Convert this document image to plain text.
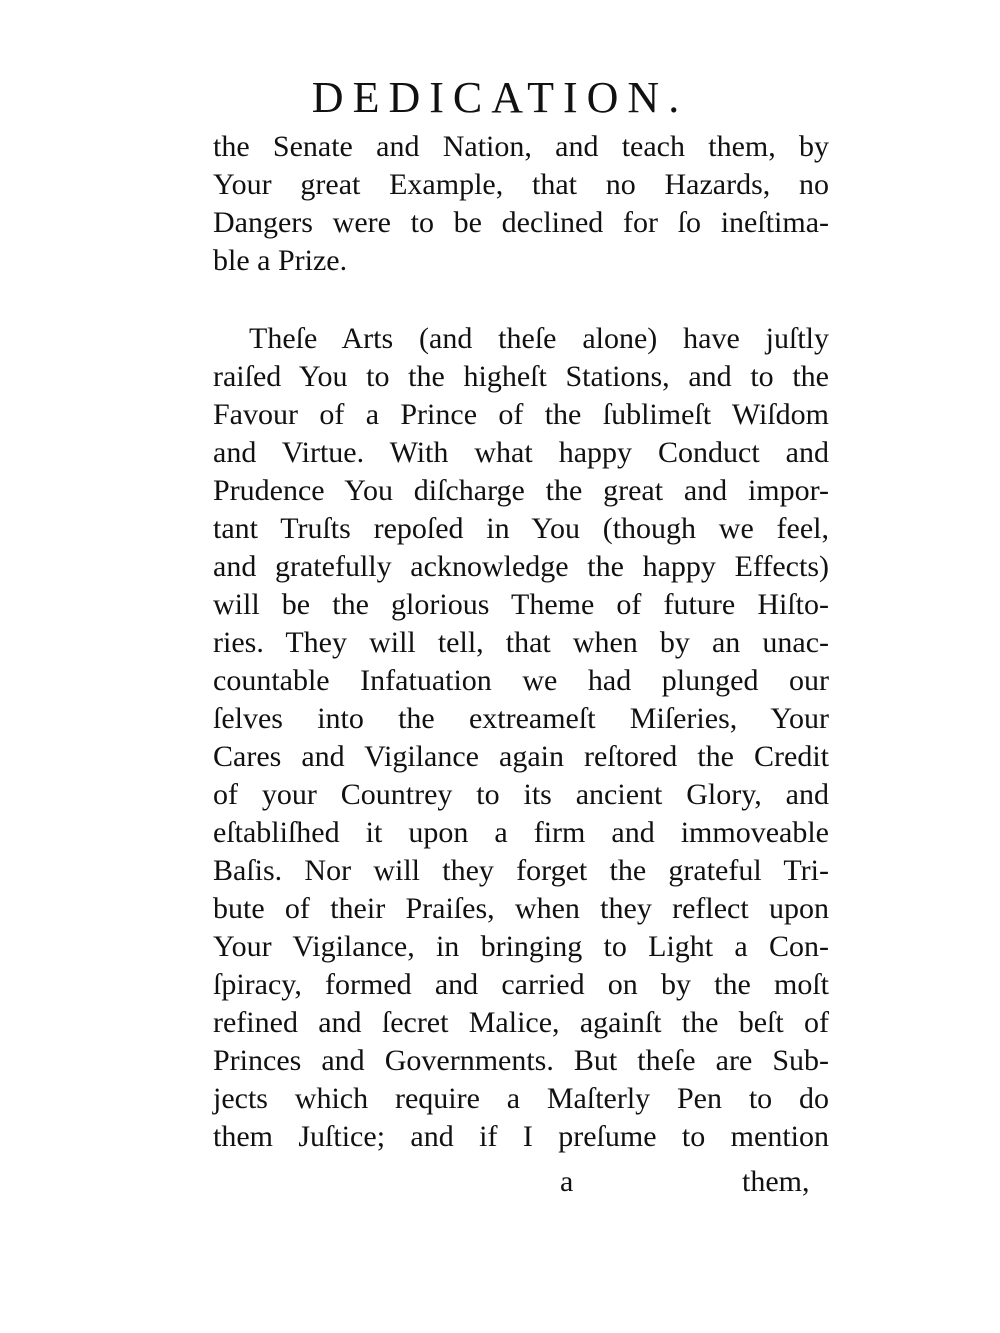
DEDICATION.
the Senate and Nation, and teach them, by
Your great Example, that no Hazards, no
Dangers were to be declined for ſo ineſtima-
ble a Prize.
Theſe Arts (and theſe alone) have juſtly
raiſed You to the higheſt Stations, and to the
Favour of a Prince of the ſublimeſt Wiſdom
and Virtue. With what happy Conduct and
Prudence You diſcharge the great and impor-
tant Truſts repoſed in You (though we feel,
and gratefully acknowledge the happy Effects)
will be the glorious Theme of future Hiſto-
ries. They will tell, that when by an unac-
countable Infatuation we had plunged our
ſelves into the extreameſt Miſeries, Your
Cares and Vigilance again reſtored the Credit
of your Countrey to its ancient Glory, and
eſtabliſhed it upon a firm and immoveable
Baſis. Nor will they forget the grateful Tri-
bute of their Praiſes, when they reflect upon
Your Vigilance, in bringing to Light a Con-
ſpiracy, formed and carried on by the moſt
refined and ſecret Malice, againſt the beſt of
Princes and Governments. But theſe are Sub-
jects which require a Maſterly Pen to do
them Juſtice; and if I preſume to mention
a	them,
